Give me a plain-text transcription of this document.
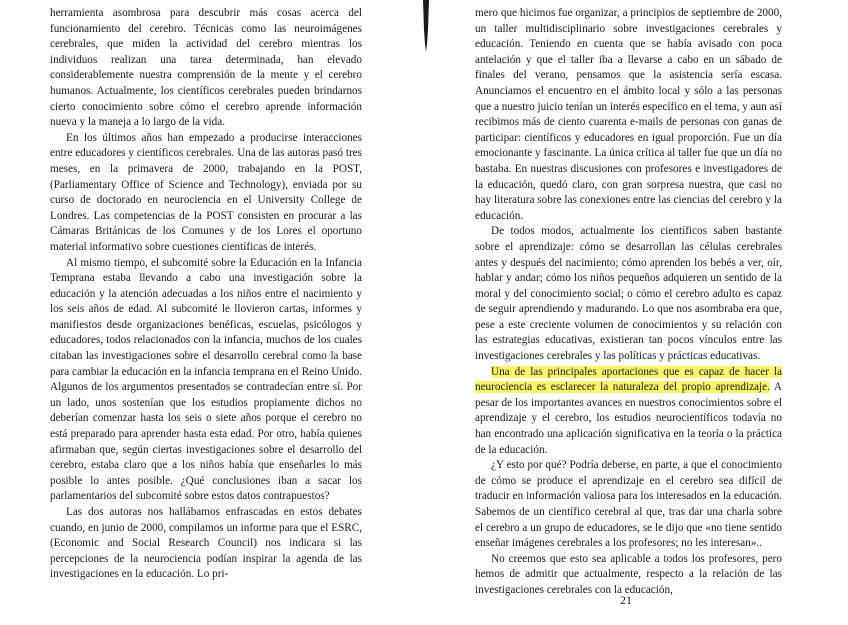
herramienta asombrosa para descubrir más cosas acerca del funcionamiento del cerebro. Técnicas como las neuroimágenes cerebrales, que miden la actividad del cerebro mientras los individuos realizan una tarea determinada, han elevado considerablemente nuestra comprensión de la mente y el cerebro humanos. Actualmente, los científicos cerebrales pueden brindarnos cierto conocimiento sobre cómo el cerebro aprende información nueva y la maneja a lo largo de la vida.

En los últimos años han empezado a producirse interacciones entre educadores y científicos cerebrales. Una de las autoras pasó tres meses, en la primavera de 2000, trabajando en la POST, (Parliamentary Office of Science and Technology), enviada por su curso de doctorado en neurociencia en el University College de Londres. Las competencias de la POST consisten en procurar a las Cámaras Británicas de los Comunes y de los Lores el oportuno material informativo sobre cuestiones científicas de interés.

Al mismo tiempo, el subcomité sobre la Educación en la Infancia Temprana estaba llevando a cabo una investigación sobre la educación y la atención adecuadas a los niños entre el nacimiento y los seis años de edad. Al subcomité le llovieron cartas, informes y manifiestos desde organizaciones benéficas, escuelas, psicólogos y educadores, todos relacionados con la infancia, muchos de los cuales citaban las investigaciones sobre el desarrollo cerebral como la base para cambiar la educación en la infancia temprana en el Reino Unido. Algunos de los argumentos presentados se contradecían entre sí. Por un lado, unos sostenían que los estudios propiamente dichos no deberían comenzar hasta los seis o siete años porque el cerebro no está preparado para aprender hasta esta edad. Por otro, había quienes afirmaban que, según ciertas investigaciones sobre el desarrollo del cerebro, estaba claro que a los niños había que enseñarles lo más posible lo antes posible. ¿Qué conclusiones iban a sacar los parlamentarios del subcomité sobre estos datos contrapuestos?

Las dos autoras nos hallábamos enfrascadas en estos debates cuando, en junio de 2000, compilamos un informe para que el ESRC, (Economic and Social Research Council) nos indicara si las percepciones de la neurociencia podían inspirar la agenda de las investigaciones en la educación. Lo pri-

mero que hicimos fue organizar, a principios de septiembre de 2000, un taller multidisciplinario sobre investigaciones cerebrales y educación. Teniendo en cuenta que se había avisado con poca antelación y que el taller iba a llevarse a cabo en un sábado de finales del verano, pensamos que la asistencia sería escasa. Anunciamos el encuentro en el ámbito local y sólo a las personas que a nuestro juicio tenían un interés específico en el tema, y aun así recibimos más de ciento cuarenta e-mails de personas con ganas de participar: científicos y educadores en igual proporción. Fue un día emocionante y fascinante. La única crítica al taller fue que un día no bastaba. En nuestras discusiones con profesores e investigadores de la educación, quedó claro, con gran sorpresa nuestra, que casi no hay literatura sobre las conexiones entre las ciencias del cerebro y la educación.

De todos modos, actualmente los científicos saben bastante sobre el aprendizaje: cómo se desarrollan las células cerebrales antes y después del nacimiento; cómo aprenden los bebés a ver, oír, hablar y andar; cómo los niños pequeños adquieren un sentido de la moral y del conocimiento social; o cómo el cerebro adulto es capaz de seguir aprendiendo y madurando. Lo que nos asombraba era que, pese a este creciente volumen de conocimientos y su relación con las estrategias educativas, existieran tan pocos vínculos entre las investigaciones cerebrales y las políticas y prácticas educativas.

Una de las principales aportaciones que es capaz de hacer la neurociencia es esclarecer la naturaleza del propio aprendizaje. A pesar de los importantes avances en nuestros conocimientos sobre el aprendizaje y el cerebro, los estudios neurocientíficos todavía no han encontrado una aplicación significativa en la teoría o la práctica de la educación.

¿Y esto por qué? Podría deberse, en parte, a que el conocimiento de cómo se produce el aprendizaje en el cerebro sea difícil de traducir en información valiosa para los interesados en la educación. Sabemos de un científico cerebral al que, tras dar una charla sobre el cerebro a un grupo de educadores, se le dijo que «no tiene sentido enseñar imágenes cerebrales a los profesores; no les interesan»..

No creemos que esto sea aplicable a todos los profesores, pero hemos de admitir que actualmente, respecto a la relación de las investigaciones cerebrales con la educación,

21
